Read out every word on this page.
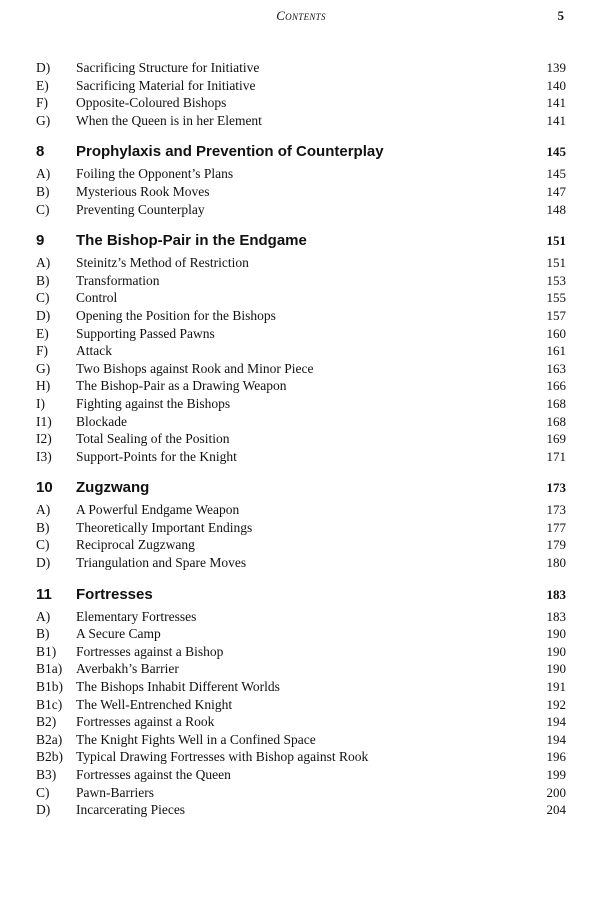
Contents	5
D)	Sacrificing Structure for Initiative	139
E)	Sacrificing Material for Initiative	140
F)	Opposite-Coloured Bishops	141
G)	When the Queen is in her Element	141
8	Prophylaxis and Prevention of Counterplay	145
A)	Foiling the Opponent’s Plans	145
B)	Mysterious Rook Moves	147
C)	Preventing Counterplay	148
9	The Bishop-Pair in the Endgame	151
A)	Steinitz’s Method of Restriction	151
B)	Transformation	153
C)	Control	155
D)	Opening the Position for the Bishops	157
E)	Supporting Passed Pawns	160
F)	Attack	161
G)	Two Bishops against Rook and Minor Piece	163
H)	The Bishop-Pair as a Drawing Weapon	166
I)	Fighting against the Bishops	168
I1)	Blockade	168
I2)	Total Sealing of the Position	169
I3)	Support-Points for the Knight	171
10	Zugzwang	173
A)	A Powerful Endgame Weapon	173
B)	Theoretically Important Endings	177
C)	Reciprocal Zugzwang	179
D)	Triangulation and Spare Moves	180
11	Fortresses	183
A)	Elementary Fortresses	183
B)	A Secure Camp	190
B1)	Fortresses against a Bishop	190
B1a)	Averbakh’s Barrier	190
B1b) The Bishops Inhabit Different Worlds	191
B1c)	The Well-Entrenched Knight	192
B2)	Fortresses against a Rook	194
B2a)	The Knight Fights Well in a Confined Space	194
B2b) Typical Drawing Fortresses with Bishop against Rook	196
B3)	Fortresses against the Queen	199
C)	Pawn-Barriers	200
D)	Incarcerating Pieces	204
